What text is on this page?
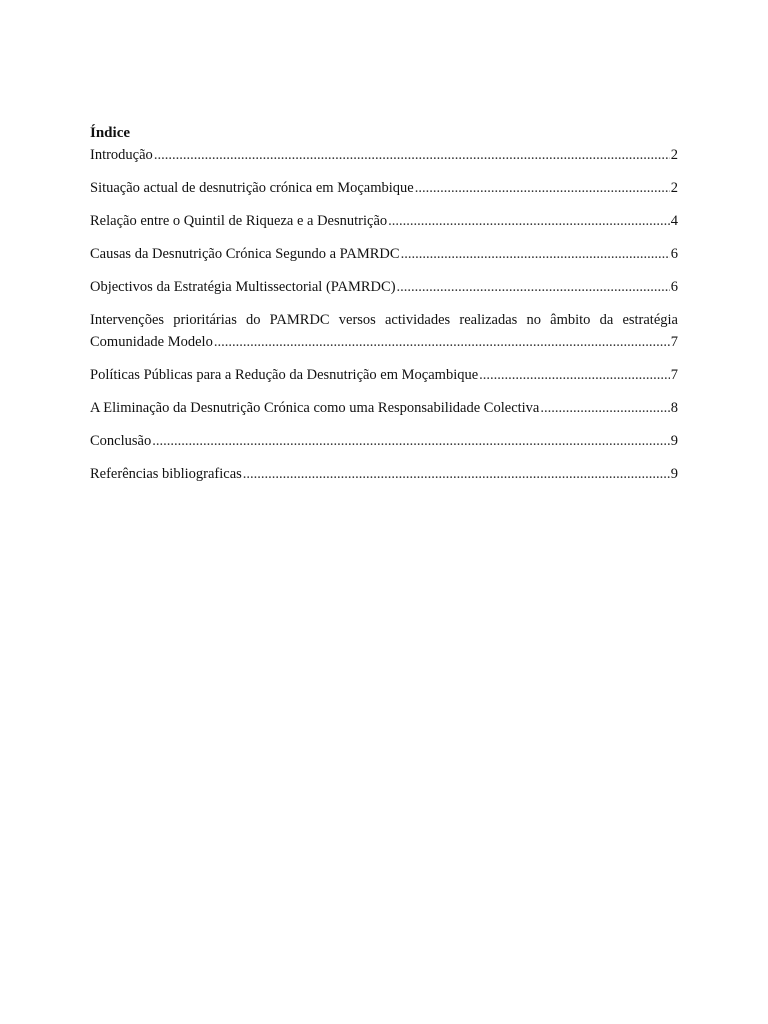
Índice
Introdução .....	2
Situação actual de desnutrição crónica em Moçambique .....	2
Relação entre o Quintil de Riqueza e a Desnutrição .....	4
Causas da Desnutrição Crónica Segundo a PAMRDC .....	6
Objectivos da Estratégia Multissectorial (PAMRDC) .....	6
Intervenções prioritárias do PAMRDC versos actividades realizadas no âmbito da estratégia
Comunidade Modelo .....	7
Políticas Públicas para a Redução da Desnutrição em Moçambique .....	7
A Eliminação da Desnutrição Crónica como uma Responsabilidade Colectiva .....	8
Conclusão .....	9
Referências bibliograficas .....	9
